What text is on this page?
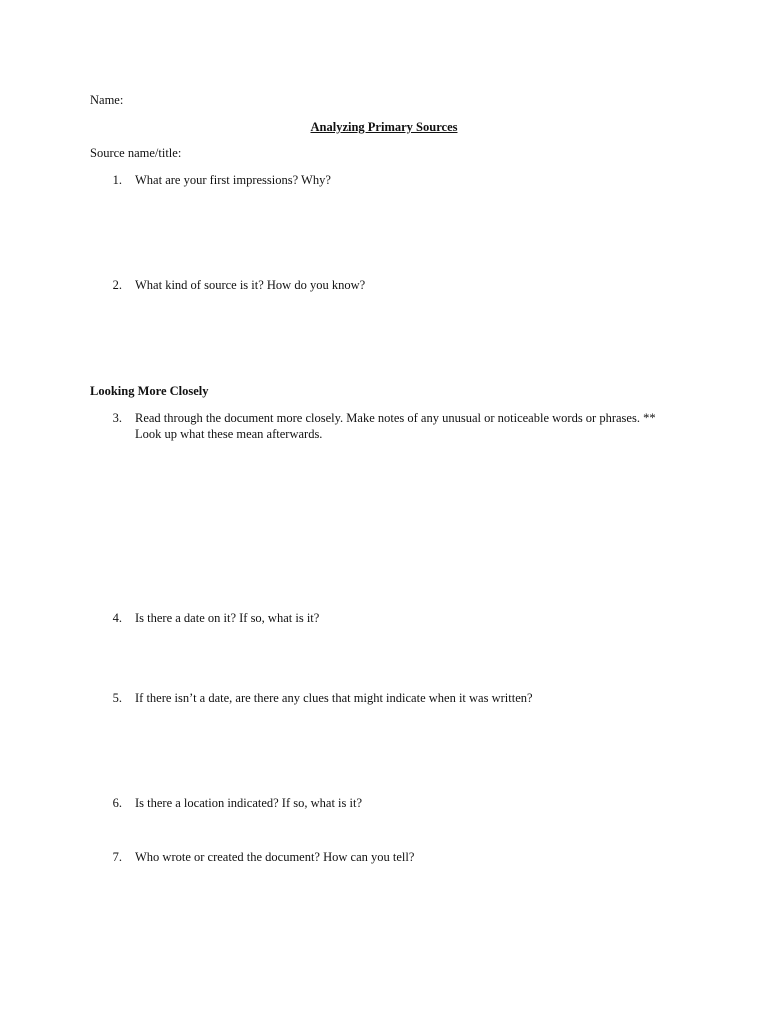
Name:
Analyzing Primary Sources
Source name/title:
1. What are your first impressions? Why?
2. What kind of source is it? How do you know?
Looking More Closely
3. Read through the document more closely. Make notes of any unusual or noticeable words or phrases. ** Look up what these mean afterwards.
4. Is there a date on it? If so, what is it?
5. If there isn’t a date, are there any clues that might indicate when it was written?
6. Is there a location indicated? If so, what is it?
7. Who wrote or created the document? How can you tell?
